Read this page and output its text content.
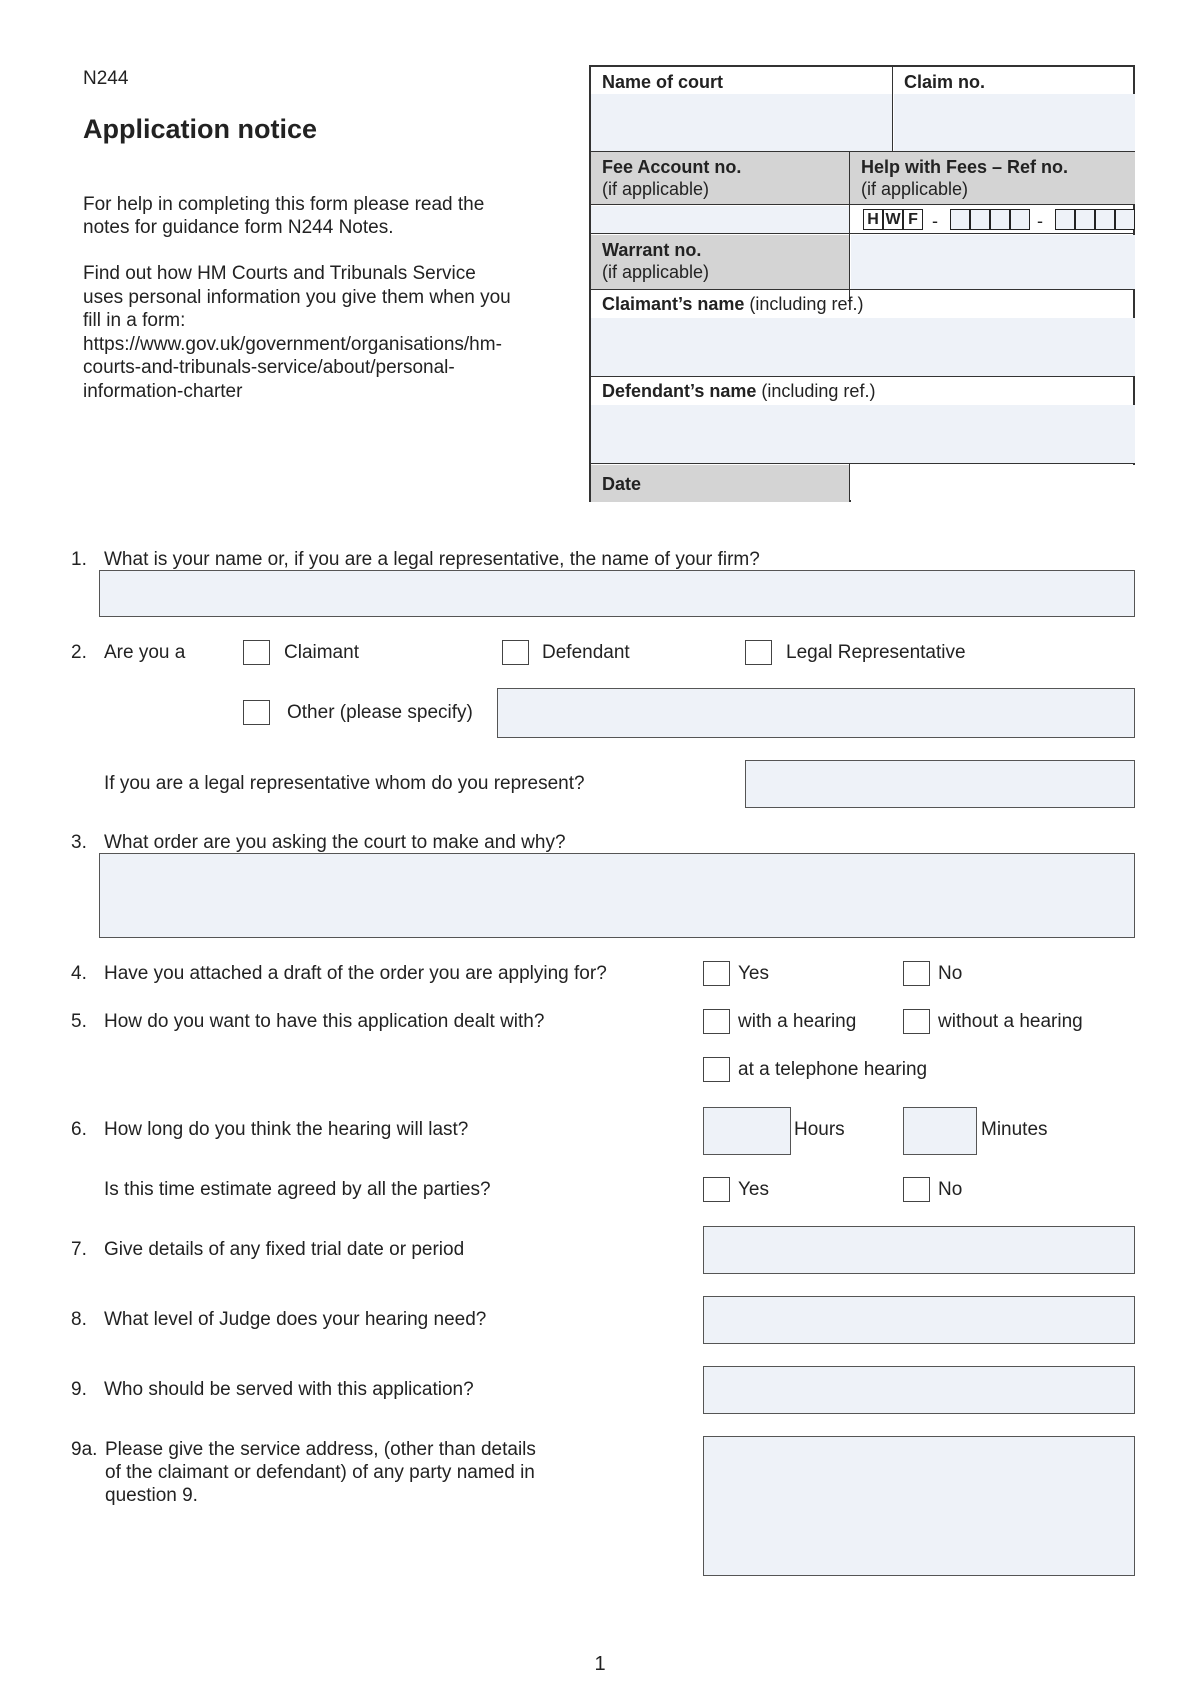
N244
Application notice
For help in completing this form please read the notes for guidance form N244 Notes.
Find out how HM Courts and Tribunals Service uses personal information you give them when you fill in a form: https://www.gov.uk/government/organisations/hm-courts-and-tribunals-service/about/personal-information-charter
Name of court	Claim no.
Fee Account no.
(if applicable)
Help with Fees – Ref no.
(if applicable)
H W F -	-
Warrant no.
(if applicable)
Claimant’s name (including ref.)
Defendant’s name (including ref.)
Date
1. What is your name or, if you are a legal representative, the name of your firm?
2. Are you a	Claimant	Defendant	Legal Representative
Other (please specify)
If you are a legal representative whom do you represent?
3. What order are you asking the court to make and why?
4. Have you attached a draft of the order you are applying for?	Yes	No
5. How do you want to have this application dealt with?	with a hearing	without a hearing
at a telephone hearing
6. How long do you think the hearing will last?	Hours	Minutes
Is this time estimate agreed by all the parties?	Yes	No
7. Give details of any fixed trial date or period
8. What level of Judge does your hearing need?
9. Who should be served with this application?
9a. Please give the service address, (other than details
of the claimant or defendant) of any party named in
question 9.
1
